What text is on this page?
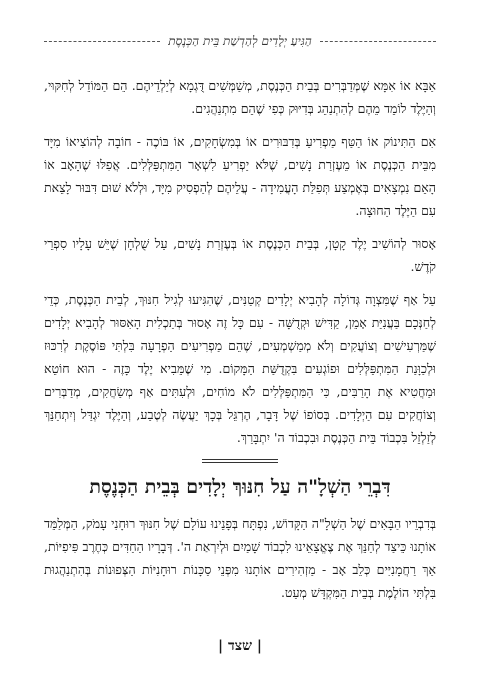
הַגִּיעַ יְלָדִים לְהַדְשַׁת בֵּית הַכְּנֶסֶת

אַבָּא אוֹ אִמָּא שֶׁמְּדַבְּרִים בְּבֵית הַכְּנֶסֶת, מְשַׁמְּשִׁים דֻּגְמָא לְיַלְדֵיהֶם. הֵם הַמּוֹדֵל לְחִקּוּי, וְהַיֶּלֶד לוֹמֵד מֵהֶם לְהִתְנַהֵג בְּדִיּוּק כְּפִי שֶׁהֵם מִתְנַהֲגִים.

אִם הַתִּינוֹק אוֹ הַטַּף מַפְרִיעַ בְּדִבּוּרִים אוֹ בְּמִשְׂחָקִים, אוֹ בּוֹכֶה - חוֹבָה לְהוֹצִיאוֹ מִיָּד מִבֵּית הַכְּנֶסֶת אוֹ מֵעֶזְרַת נָשִׁים, שֶׁלֹּא יַפְרִיעַ לִשְׁאָר הַמִּתְפַּלְּלִים. אֲפִלּוּ שֶׁהָאָב אוֹ הָאֵם נִמְצָאִים בְּאֶמְצַע תְּפִלַּת הָעֲמִידָה - עֲלֵיהֶם לְהַפְסִיק מִיָּד, וּלְלֹא שׁוּם דִּבּוּר לָצֵאת עִם הַיֶּלֶד הַחוּצָה.

אָסוּר לְהוֹשִׁיב יֶלֶד קָטָן, בְּבֵית הַכְּנֶסֶת אוֹ בְּעֶזְרַת נָשִׁים, עַל שֻׁלְחָן שֶׁיֵּשׁ עָלָיו סִפְרֵי קֹדֶשׁ.

עַל אַף שֶׁמִּצְוָה גְּדוֹלָה לְהָבִיא יְלָדִים קְטַנִּים, שֶׁהִגִּיעוּ לְגִיל חִנּוּךְ, לְבֵית הַכְּנֶסֶת, כְּדֵי לְחַנְּכָם בַּעֲנִיַּת אָמֵן, קַדִּישׁ וּקְדֻשָּׁה - עִם כָּל זֶה אָסוּר בְּתַכְלִית הָאִסּוּר לְהָבִיא יְלָדִים שֶׁמַּרְעִישִׁים וְצוֹעֲקִים וְלֹא מְמַשְׁמְעִים, שֶׁהֵם מַפְרִיעִים הַפְרָעָה בִּלְתִּי פּוֹסֶקֶת לְרִכּוּז וּלְכַוָּנַת הַמִּתְפַּלְּלִים וּפוֹגְעִים בִּקְדֻשַּׁת הַמָּקוֹם. מִי שֶׁמֵּבִיא יֶלֶד כָּזֶה - הוּא חוֹטֵא וּמַחֲטִיא אֶת הָרַבִּים, כִּי הַמִּתְפַּלְּלִים לֹא מוֹחִים, וּלְעִתִּים אַף מְשַׂחֲקִים, מְדַבְּרִים וְצוֹחֲקִים עִם הַיְלָדִים. בְּסוֹפוֹ שֶׁל דָּבָר, הֶרְגֵּל בְּכָךְ יַעֲשֶׂה לְטֶבַע, וְהַיֶּלֶד יִגְדַּל וְיִתְחַנֵּךְ לְזַלְזֵל בִּכְבוֹד בֵּית הַכְּנֶסֶת וּבִכְבוֹד ה' יִתְבָּרַךְ.

דִּבְרֵי הַשְׁלָ"ה עַל חִנּוּךְ יְלָדִים בְּבֵית הַכְּנֶסֶת

בְּדִבְרֵיו הַבָּאִים שֶׁל הַשְׁלָ"ה הַקָּדוֹשׁ, נִפְתָּח בְּפָנֵינוּ עוֹלָם שֶׁל חִנּוּךְ רוּחָנִי עָמֹק, הַמְּלַמֵּד אוֹתָנוּ כֵּיצַד לְחַנֵּךְ אֶת צֶאֱצָאֵינוּ לִכְבוֹד שָׁמַיִם וּלְיִרְאַת ה'. דְּבָרָיו הַחַדִּים כְּחֶרֶב פִּיפִיּוֹת, אַךְ רַחֲמָנִיִּים כְּלֵב אָב - מַזְהִירִים אוֹתָנוּ מִפְּנֵי סַכָּנוֹת רוּחָנִיּוֹת הַצְּפוּנוֹת בְּהִתְנַהֲגוּת בִּלְתִּי הוֹלֶמֶת בְּבֵית הַמִּקְדָּשׁ מְעַט.

| שצד |
